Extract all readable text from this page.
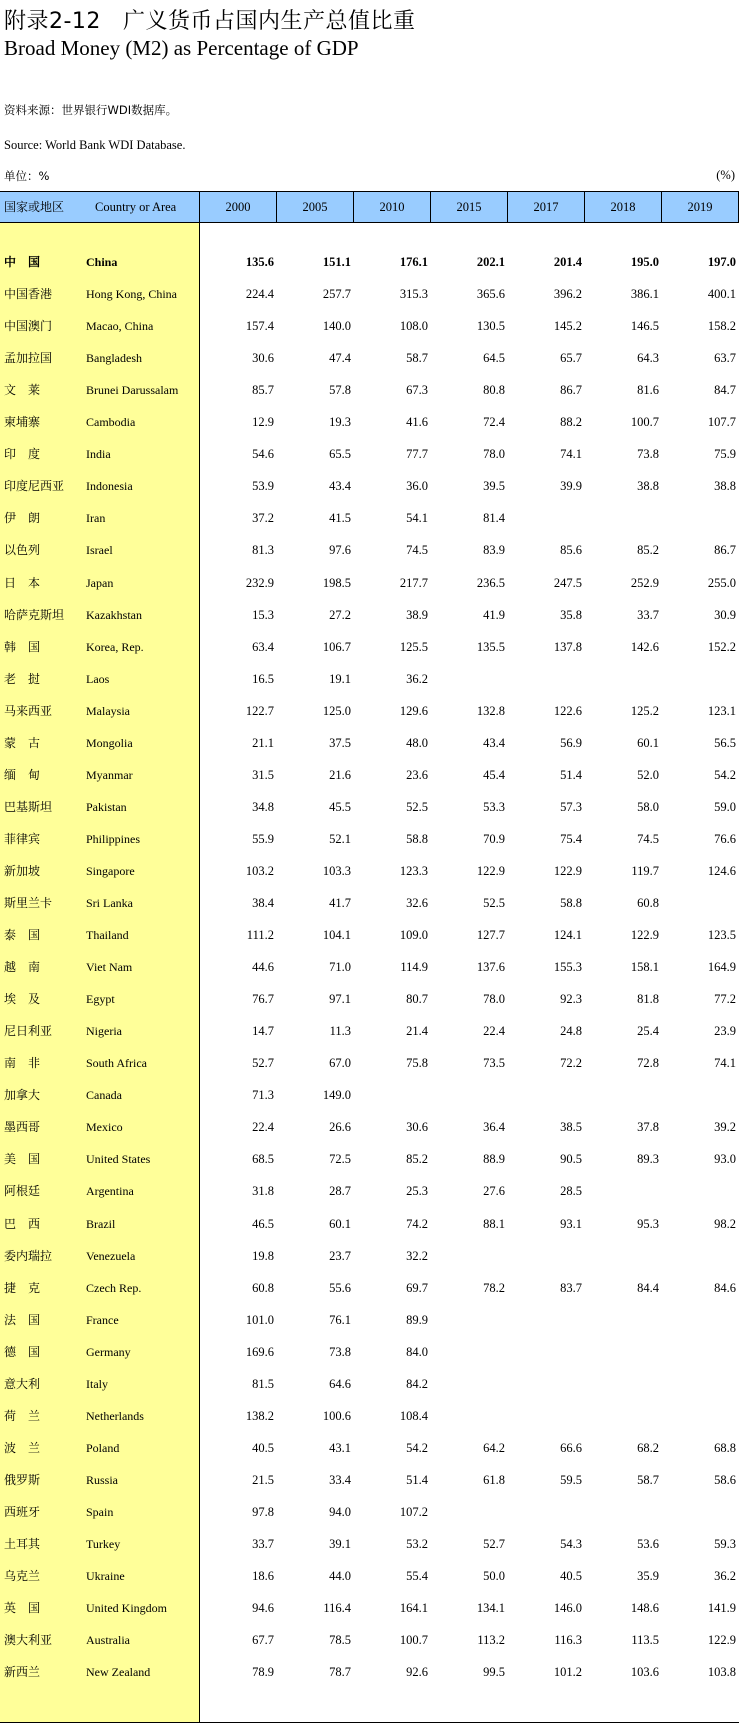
附录2-12 广义货币占国内生产总值比重
Broad Money (M2) as Percentage of GDP
资料来源：世界银行WDI数据库。
Source: World Bank WDI Database.
单位：%	(%)
国家或地区	Country or Area	2000	2005	2010	2015	2017	2018	2019
中　国	China	135.6	151.1	176.1	202.1	201.4	195.0	197.0
中国香港	Hong Kong, China	224.4	257.7	315.3	365.6	396.2	386.1	400.1
中国澳门	Macao, China	157.4	140.0	108.0	130.5	145.2	146.5	158.2
孟加拉国	Bangladesh	30.6	47.4	58.7	64.5	65.7	64.3	63.7
文　莱	Brunei Darussalam	85.7	57.8	67.3	80.8	86.7	81.6	84.7
柬埔寨	Cambodia	12.9	19.3	41.6	72.4	88.2	100.7	107.7
印　度	India	54.6	65.5	77.7	78.0	74.1	73.8	75.9
印度尼西亚	Indonesia	53.9	43.4	36.0	39.5	39.9	38.8	38.8
伊　朗	Iran	37.2	41.5	54.1	81.4
以色列	Israel	81.3	97.6	74.5	83.9	85.6	85.2	86.7
日　本	Japan	232.9	198.5	217.7	236.5	247.5	252.9	255.0
哈萨克斯坦	Kazakhstan	15.3	27.2	38.9	41.9	35.8	33.7	30.9
韩　国	Korea, Rep.	63.4	106.7	125.5	135.5	137.8	142.6	152.2
老　挝	Laos	16.5	19.1	36.2
马来西亚	Malaysia	122.7	125.0	129.6	132.8	122.6	125.2	123.1
蒙　古	Mongolia	21.1	37.5	48.0	43.4	56.9	60.1	56.5
缅　甸	Myanmar	31.5	21.6	23.6	45.4	51.4	52.0	54.2
巴基斯坦	Pakistan	34.8	45.5	52.5	53.3	57.3	58.0	59.0
菲律宾	Philippines	55.9	52.1	58.8	70.9	75.4	74.5	76.6
新加坡	Singapore	103.2	103.3	123.3	122.9	122.9	119.7	124.6
斯里兰卡	Sri Lanka	38.4	41.7	32.6	52.5	58.8	60.8
泰　国	Thailand	111.2	104.1	109.0	127.7	124.1	122.9	123.5
越　南	Viet Nam	44.6	71.0	114.9	137.6	155.3	158.1	164.9
埃　及	Egypt	76.7	97.1	80.7	78.0	92.3	81.8	77.2
尼日利亚	Nigeria	14.7	11.3	21.4	22.4	24.8	25.4	23.9
南　非	South Africa	52.7	67.0	75.8	73.5	72.2	72.8	74.1
加拿大	Canada	71.3	149.0
墨西哥	Mexico	22.4	26.6	30.6	36.4	38.5	37.8	39.2
美　国	United States	68.5	72.5	85.2	88.9	90.5	89.3	93.0
阿根廷	Argentina	31.8	28.7	25.3	27.6	28.5
巴　西	Brazil	46.5	60.1	74.2	88.1	93.1	95.3	98.2
委内瑞拉	Venezuela	19.8	23.7	32.2
捷　克	Czech Rep.	60.8	55.6	69.7	78.2	83.7	84.4	84.6
法　国	France	101.0	76.1	89.9
德　国	Germany	169.6	73.8	84.0
意大利	Italy	81.5	64.6	84.2
荷　兰	Netherlands	138.2	100.6	108.4
波　兰	Poland	40.5	43.1	54.2	64.2	66.6	68.2	68.8
俄罗斯	Russia	21.5	33.4	51.4	61.8	59.5	58.7	58.6
西班牙	Spain	97.8	94.0	107.2
土耳其	Turkey	33.7	39.1	53.2	52.7	54.3	53.6	59.3
乌克兰	Ukraine	18.6	44.0	55.4	50.0	40.5	35.9	36.2
英　国	United Kingdom	94.6	116.4	164.1	134.1	146.0	148.6	141.9
澳大利亚	Australia	67.7	78.5	100.7	113.2	116.3	113.5	122.9
新西兰	New Zealand	78.9	78.7	92.6	99.5	101.2	103.6	103.8
